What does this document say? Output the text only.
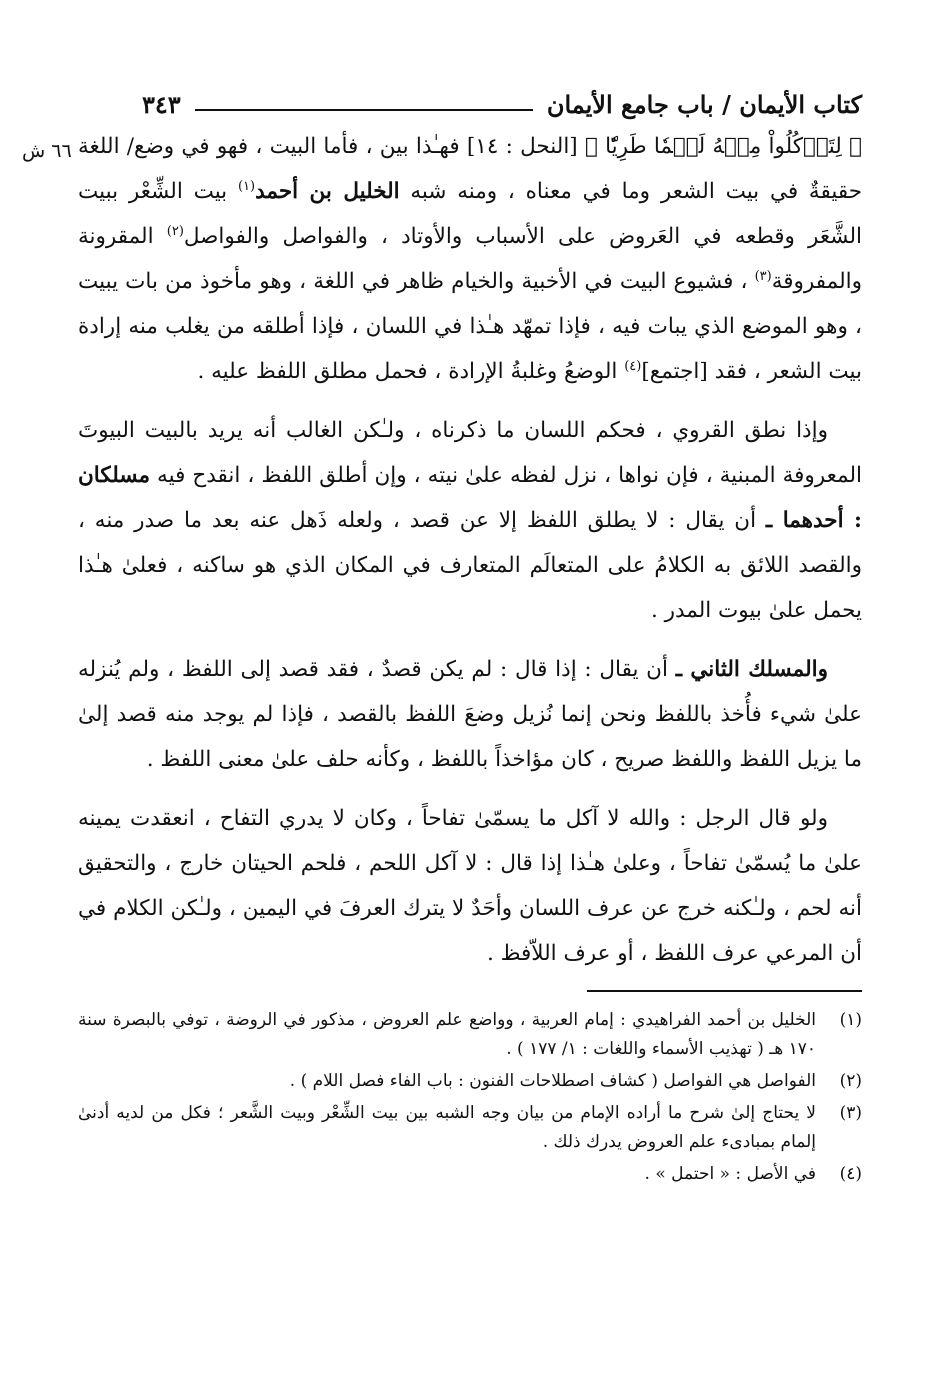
٦٦ ش
كتاب الأيمان / باب جامع الأيمان
٣٤٣

﴿ لِتَأۡكُلُواْ مِنۡهُ لَحۡمٗا طَرِيّٗا ﴾ [النحل : ١٤] فهـٰذا بين ، فأما البيت ، فهو في وضع/ اللغة حقيقةٌ في بيت الشعر وما في معناه ، ومنه شبه الخليل بن أحمد$^{(١)}$ بيت الشِّعْر ببيت الشَّعَر وقطعه في العَروض على الأسباب والأوتاد ، والفواصل والفواصل$^{(٢)}$ المقرونة والمفروقة$^{(٣)}$ ، فشيوع البيت في الأخبية والخيام ظاهر في اللغة ، وهو مأخوذ من بات يبيت ، وهو الموضع الذي يبات فيه ، فإذا تمهّد هـٰذا في اللسان ، فإذا أطلقه من يغلب منه إرادة بيت الشعر ، فقد [اجتمع]$^{(٤)}$ الوضعُ وغلبةُ الإرادة ، فحمل مطلق اللفظ عليه .

وإذا نطق القروي ، فحكم اللسان ما ذكرناه ، ولـٰكن الغالب أنه يريد بالبيت البيوتَ المعروفة المبنية ، فإن نواها ، نزل لفظه علىٰ نيته ، وإن أطلق اللفظ ، انقدح فيه مسلكان : أحدهما ـ أن يقال : لا يطلق اللفظ إلا عن قصد ، ولعله ذَهل عنه بعد ما صدر منه ، والقصد اللائق به الكلامُ على المتعالَم المتعارف في المكان الذي هو ساكنه ، فعلىٰ هـٰذا يحمل علىٰ بيوت المدر .

والمسلك الثاني ـ أن يقال : إذا قال : لم يكن قصدٌ ، فقد قصد إلى اللفظ ، ولم يُنزله علىٰ شيء فأُخذ باللفظ ونحن إنما نُزيل وضعَ اللفظ بالقصد ، فإذا لم يوجد منه قصد إلىٰ ما يزيل اللفظ واللفظ صريح ، كان مؤاخذاً باللفظ ، وكأنه حلف علىٰ معنى اللفظ .

ولو قال الرجل : والله لا آكل ما يسمّىٰ تفاحاً ، وكان لا يدري التفاح ، انعقدت يمينه علىٰ ما يُسمّىٰ تفاحاً ، وعلىٰ هـٰذا إذا قال : لا آكل اللحم ، فلحم الحيتان خارج ، والتحقيق أنه لحم ، ولـٰكنه خرج عن عرف اللسان وأحَدٌ لا يترك العرفَ في اليمين ، ولـٰكن الكلام في أن المرعي عرف اللفظ ، أو عرف اللاّفظ .

(١)
الخليل بن أحمد الفراهيدي : إمام العربية ، وواضع علم العروض ، مذكور في الروضة ، توفي بالبصرة سنة ١٧٠ هـ ( تهذيب الأسماء واللغات : ١/ ١٧٧ ) .
(٢)
الفواصل هي الفواصل ( كشاف اصطلاحات الفنون : باب الفاء فصل اللام ) .
(٣)
لا يحتاج إلىٰ شرح ما أراده الإمام من بيان وجه الشبه بين بيت الشِّعْر وبيت الشَّعر ؛ فكل من لديه أدنىٰ إلمام بمبادىء علم العروض يدرك ذلك .
(٤)
في الأصل : « احتمل » .
